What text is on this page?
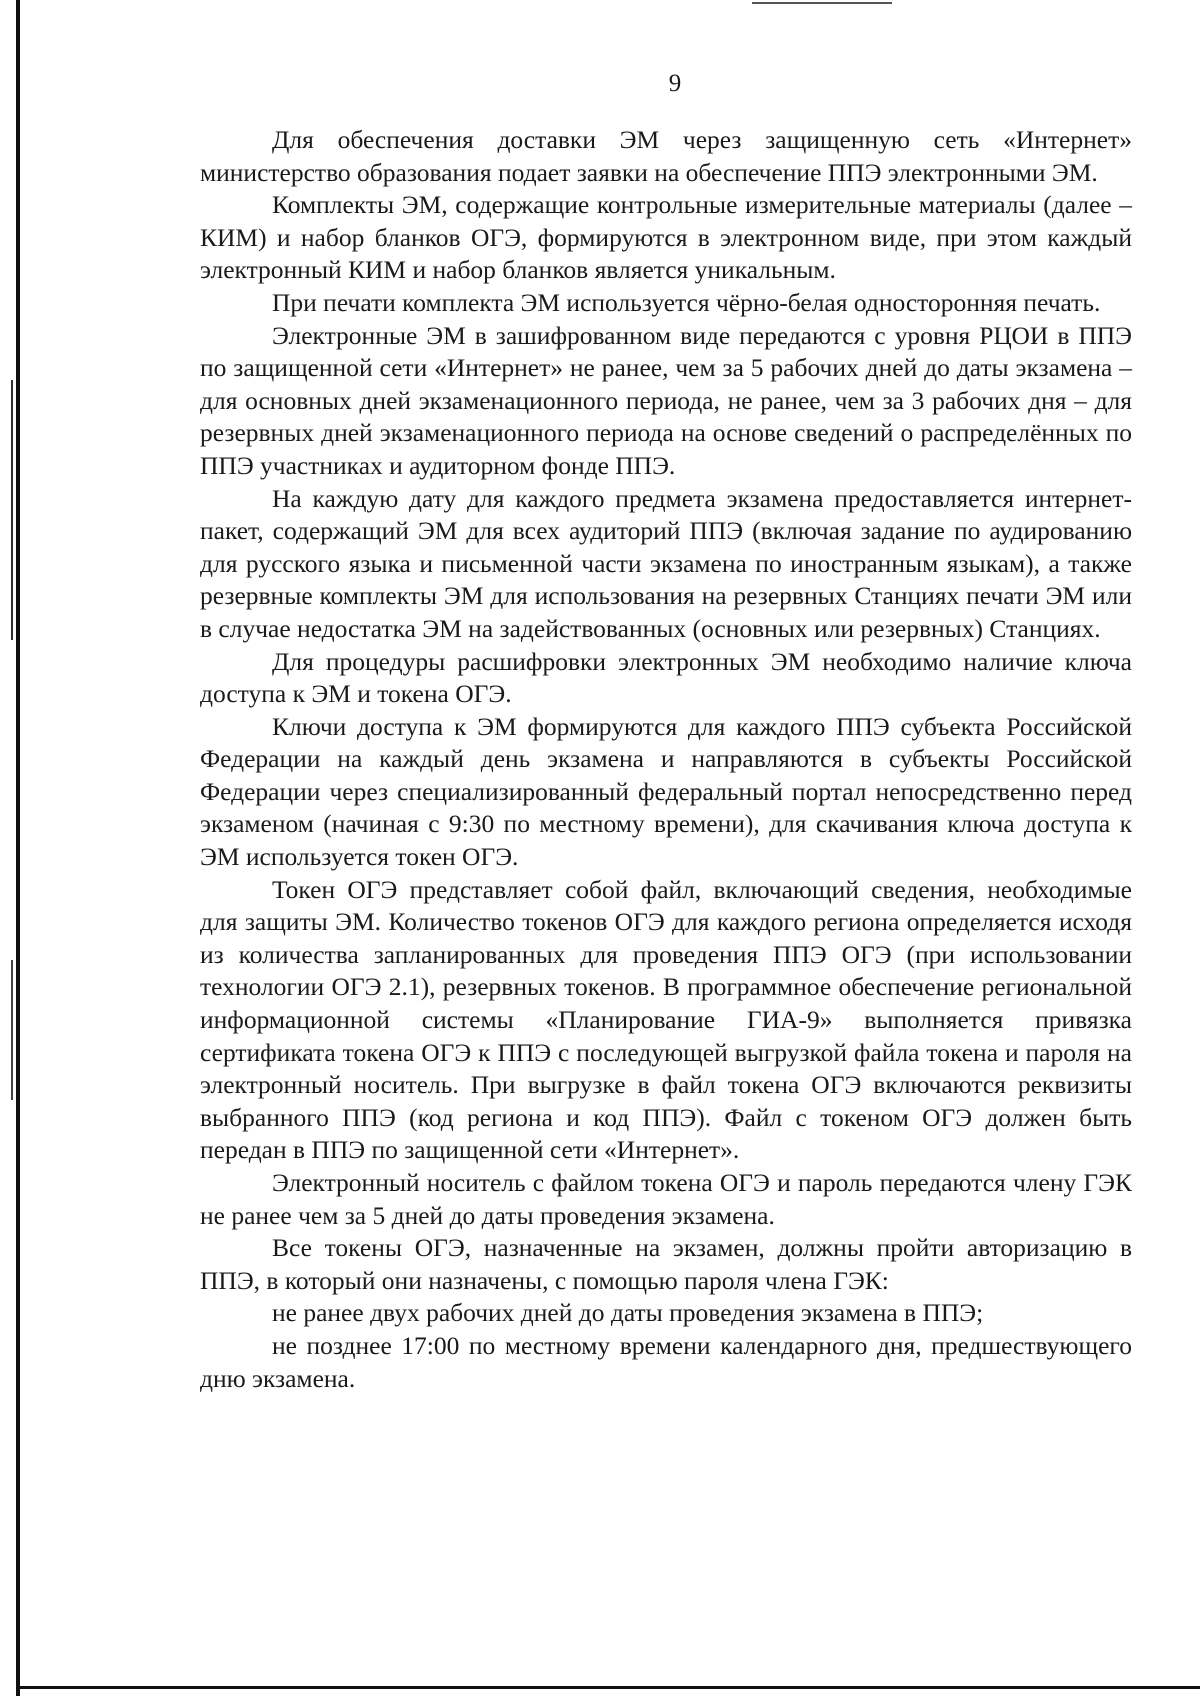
9

Для обеспечения доставки ЭМ через защищенную сеть «Интернет» министерство образования подает заявки на обеспечение ППЭ электронными ЭМ.

Комплекты ЭМ, содержащие контрольные измерительные материалы (далее – КИМ) и набор бланков ОГЭ, формируются в электронном виде, при этом каждый электронный КИМ и набор бланков является уникальным.

При печати комплекта ЭМ используется чёрно-белая односторонняя печать.

Электронные ЭМ в зашифрованном виде передаются с уровня РЦОИ в ППЭ по защищенной сети «Интернет» не ранее, чем за 5 рабочих дней до даты экзамена – для основных дней экзаменационного периода, не ранее, чем за 3 рабочих дня – для резервных дней экзаменационного периода на основе сведений о распределённых по ППЭ участниках и аудиторном фонде ППЭ.

На каждую дату для каждого предмета экзамена предоставляется интернет-пакет, содержащий ЭМ для всех аудиторий ППЭ (включая задание по аудированию для русского языка и письменной части экзамена по иностранным языкам), а также резервные комплекты ЭМ для использования на резервных Станциях печати ЭМ или в случае недостатка ЭМ на задействованных (основных или резервных) Станциях.

Для процедуры расшифровки электронных ЭМ необходимо наличие ключа доступа к ЭМ и токена ОГЭ.

Ключи доступа к ЭМ формируются для каждого ППЭ субъекта Российской Федерации на каждый день экзамена и направляются в субъекты Российской Федерации через специализированный федеральный портал непосредственно перед экзаменом (начиная с 9:30 по местному времени), для скачивания ключа доступа к ЭМ используется токен ОГЭ.

Токен ОГЭ представляет собой файл, включающий сведения, необходимые для защиты ЭМ. Количество токенов ОГЭ для каждого региона определяется исходя из количества запланированных для проведения ППЭ ОГЭ (при использовании технологии ОГЭ 2.1), резервных токенов. В программное обеспечение региональной информационной системы «Планирование ГИА-9» выполняется привязка сертификата токена ОГЭ к ППЭ с последующей выгрузкой файла токена и пароля на электронный носитель. При выгрузке в файл токена ОГЭ включаются реквизиты выбранного ППЭ (код региона и код ППЭ). Файл с токеном ОГЭ должен быть передан в ППЭ по защищенной сети «Интернет».

Электронный носитель с файлом токена ОГЭ и пароль передаются члену ГЭК не ранее чем за 5 дней до даты проведения экзамена.

Все токены ОГЭ, назначенные на экзамен, должны пройти авторизацию в ППЭ, в который они назначены, с помощью пароля члена ГЭК:

не ранее двух рабочих дней до даты проведения экзамена в ППЭ;

не позднее 17:00 по местному времени календарного дня, предшествующего дню экзамена.
